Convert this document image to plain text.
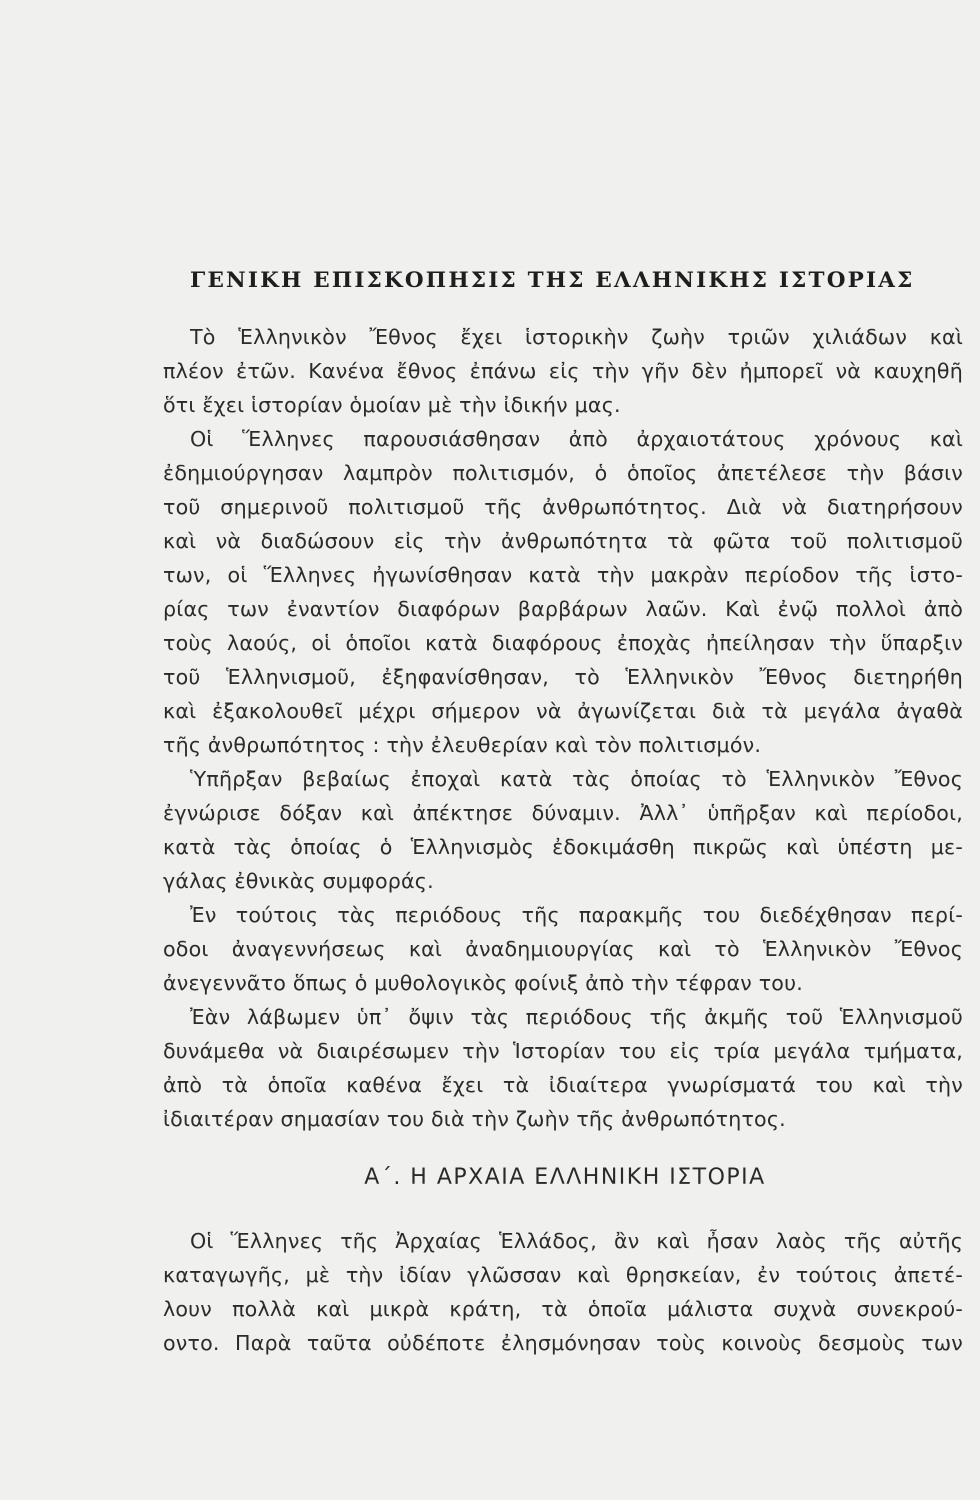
ΓΕΝΙΚΗ ΕΠΙΣΚΟΠΗΣΙΣ ΤΗΣ ΕΛΛΗΝΙΚΗΣ ΙΣΤΟΡΙΑΣ
Τὸ Ἑλληνικὸν Ἔθνος ἔχει ἱστορικὴν ζωὴν τριῶν χιλιάδων καὶ
πλέον ἐτῶν. Κανένα ἔθνος ἐπάνω εἰς τὴν γῆν δὲν ἠμπορεῖ νὰ καυχηθῆ
ὅτι ἔχει ἱστορίαν ὁμοίαν μὲ τὴν ἰδικήν μας.
Οἱ Ἕλληνες παρουσιάσθησαν ἀπὸ ἀρχαιοτάτους χρόνους καὶ
ἐδημιούργησαν λαμπρὸν πολιτισμόν, ὁ ὁποῖος ἀπετέλεσε τὴν βάσιν
τοῦ σημερινοῦ πολιτισμοῦ τῆς ἀνθρωπότητος. Διὰ νὰ διατηρήσουν
καὶ νὰ διαδώσουν εἰς τὴν ἀνθρωπότητα τὰ φῶτα τοῦ πολιτισμοῦ
των, οἱ Ἕλληνες ἠγωνίσθησαν κατὰ τὴν μακρὰν περίοδον τῆς ἱστο-
ρίας των ἐναντίον διαφόρων βαρβάρων λαῶν. Καὶ ἐνῷ πολλοὶ ἀπὸ
τοὺς λαούς, οἱ ὁποῖοι κατὰ διαφόρους ἐποχὰς ἠπείλησαν τὴν ὕπαρξιν
τοῦ Ἑλληνισμοῦ, ἐξηφανίσθησαν, τὸ Ἑλληνικὸν Ἔθνος διετηρήθη
καὶ ἐξακολουθεῖ μέχρι σήμερον νὰ ἀγωνίζεται διὰ τὰ μεγάλα ἀγαθὰ
τῆς ἀνθρωπότητος : τὴν ἐλευθερίαν καὶ τὸν πολιτισμόν.
Ὑπῆρξαν βεβαίως ἐποχαὶ κατὰ τὰς ὁποίας τὸ Ἑλληνικὸν Ἔθνος
ἐγνώρισε δόξαν καὶ ἀπέκτησε δύναμιν. Ἀλλ᾽ ὑπῆρξαν καὶ περίοδοι,
κατὰ τὰς ὁποίας ὁ Ἑλληνισμὸς ἐδοκιμάσθη πικρῶς καὶ ὑπέστη με-
γάλας ἐθνικὰς συμφοράς.
Ἐν τούτοις τὰς περιόδους τῆς παρακμῆς του διεδέχθησαν περί-
οδοι ἀναγεννήσεως καὶ ἀναδημιουργίας καὶ τὸ Ἑλληνικὸν Ἔθνος
ἀνεγεννᾶτο ὅπως ὁ μυθολογικὸς φοίνιξ ἀπὸ τὴν τέφραν του.
Ἐὰν λάβωμεν ὑπ᾽ ὄψιν τὰς περιόδους τῆς ἀκμῆς τοῦ Ἑλληνισμοῦ
δυνάμεθα νὰ διαιρέσωμεν τὴν Ἱστορίαν του εἰς τρία μεγάλα τμήματα,
ἀπὸ τὰ ὁποῖα καθένα ἔχει τὰ ἰδιαίτερα γνωρίσματά του καὶ τὴν
ἰδιαιτέραν σημασίαν του διὰ τὴν ζωὴν τῆς ἀνθρωπότητος.
Α΄. Η ΑΡΧΑΙΑ ΕΛΛΗΝΙΚΗ ΙΣΤΟΡΙΑ
Οἱ Ἕλληνες τῆς Ἀρχαίας Ἑλλάδος, ἂν καὶ ἦσαν λαὸς τῆς αὐτῆς
καταγωγῆς, μὲ τὴν ἰδίαν γλῶσσαν καὶ θρησκείαν, ἐν τούτοις ἀπετέ-
λουν πολλὰ καὶ μικρὰ κράτη, τὰ ὁποῖα μάλιστα συχνὰ συνεκρού-
οντο. Παρὰ ταῦτα οὐδέποτε ἐλησμόνησαν τοὺς κοινοὺς δεσμοὺς των
